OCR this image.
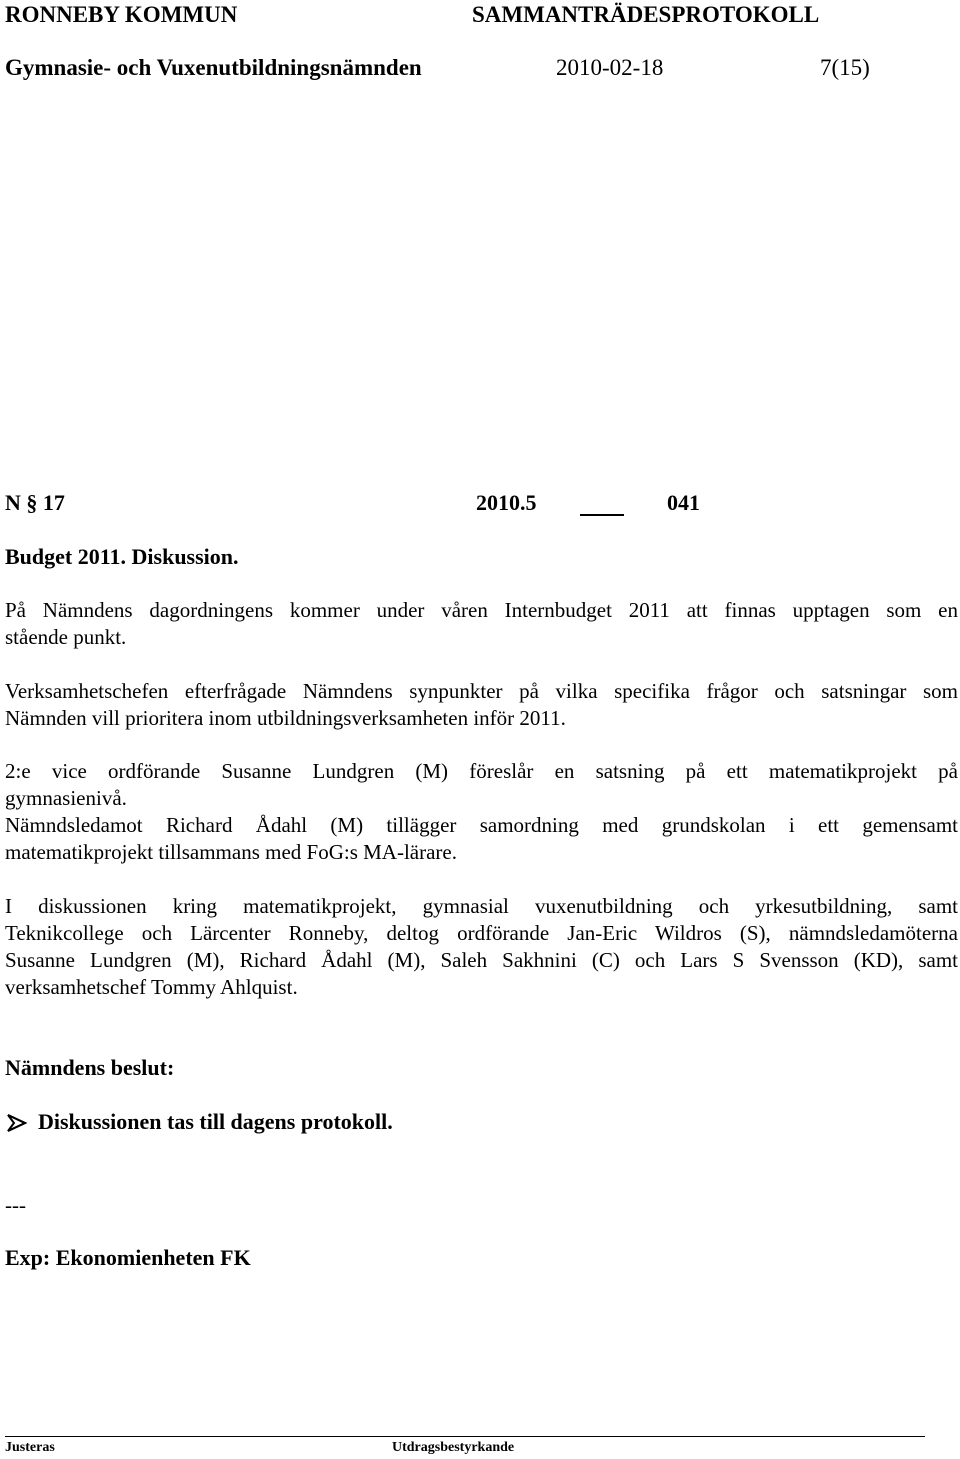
RONNEBY KOMMUN	SAMMANTRÄDESPROTOKOLL
Gymnasie- och Vuxenutbildningsnämnden	2010-02-18	7(15)
N § 17	2010.5	041
Budget 2011. Diskussion.
På Nämndens dagordningens kommer under våren Internbudget 2011 att finnas upptagen som en
stående punkt.
Verksamhetschefen efterfrågade Nämndens synpunkter på vilka specifika frågor och satsningar som
Nämnden vill prioritera inom utbildningsverksamheten inför 2011.
2:e vice ordförande Susanne Lundgren (M) föreslår en satsning på ett matematikprojekt på
gymnasienivå.
Nämndsledamot Richard Ådahl (M) tillägger samordning med grundskolan i ett gemensamt
matematikprojekt tillsammans med FoG:s MA-lärare.
I diskussionen kring matematikprojekt, gymnasial vuxenutbildning och yrkesutbildning, samt
Teknikcollege och Lärcenter Ronneby, deltog ordförande Jan-Eric Wildros (S), nämndsledamöterna
Susanne Lundgren (M), Richard Ådahl (M), Saleh Sakhnini (C) och Lars S Svensson (KD), samt
verksamhetschef Tommy Ahlquist.
Nämndens beslut:
Diskussionen tas till dagens protokoll.
---
Exp: Ekonomienheten FK
Justeras	Utdragsbestyrkande
